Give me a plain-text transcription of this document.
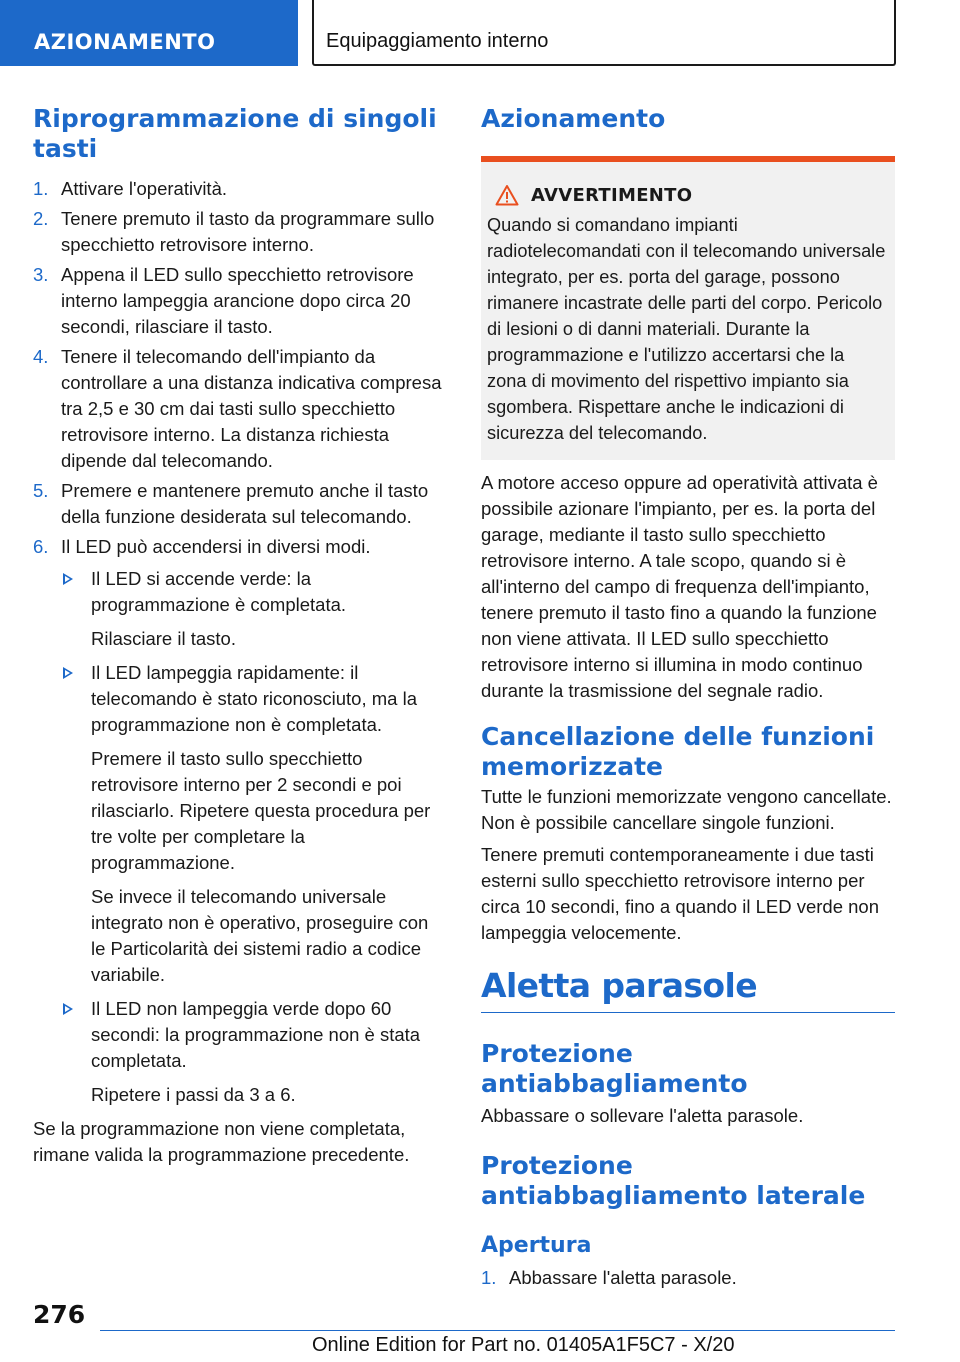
AZIONAMENTO	Equipaggiamento interno
Riprogrammazione di singoli tasti
1. Attivare l'operatività.
2. Tenere premuto il tasto da programmare sullo specchietto retrovisore interno.
3. Appena il LED sullo specchietto retrovisore interno lampeggia arancione dopo circa 20 secondi, rilasciare il tasto.
4. Tenere il telecomando dell'impianto da controllare a una distanza indicativa compresa tra 2,5 e 30 cm dai tasti sullo specchietto retrovisore interno. La distanza richiesta dipende dal telecomando.
5. Premere e mantenere premuto anche il tasto della funzione desiderata sul telecomando.
6. Il LED può accendersi in diversi modi.
Il LED si accende verde: la programmazione è completata.
Rilasciare il tasto.
Il LED lampeggia rapidamente: il telecomando è stato riconosciuto, ma la programmazione non è completata.
Premere il tasto sullo specchietto retrovisore interno per 2 secondi e poi rilasciarlo. Ripetere questa procedura per tre volte per completare la programmazione.
Se invece il telecomando universale integrato non è operativo, proseguire con le Particolarità dei sistemi radio a codice variabile.
Il LED non lampeggia verde dopo 60 secondi: la programmazione non è stata completata.
Ripetere i passi da 3 a 6.

Se la programmazione non viene completata, rimane valida la programmazione precedente.

Azionamento
AVVERTIMENTO

Quando si comandano impianti radiotelecomandati con il telecomando universale integrato, per es. porta del garage, possono rimanere incastrate delle parti del corpo. Pericolo di lesioni o di danni materiali. Durante la programmazione e l'utilizzo accertarsi che la zona di movimento del rispettivo impianto sia sgombera. Rispettare anche le indicazioni di sicurezza del telecomando.

A motore acceso oppure ad operatività attivata è possibile azionare l'impianto, per es. la porta del garage, mediante il tasto sullo specchietto retrovisore interno. A tale scopo, quando si è all'interno del campo di frequenza dell'impianto, tenere premuto il tasto fino a quando la funzione non viene attivata. Il LED sullo specchietto retrovisore interno si illumina in modo continuo durante la trasmissione del segnale radio.

Cancellazione delle funzioni memorizzate

Tutte le funzioni memorizzate vengono cancellate. Non è possibile cancellare singole funzioni.

Tenere premuti contemporaneamente i due tasti esterni sullo specchietto retrovisore interno per circa 10 secondi, fino a quando il LED verde non lampeggia velocemente.

Aletta parasole
Protezione antiabbagliamento

Abbassare o sollevare l'aletta parasole.

Protezione antiabbagliamento laterale
Apertura
1. Abbassare l'aletta parasole.
276
Online Edition for Part no. 01405A1F5C7 - X/20
